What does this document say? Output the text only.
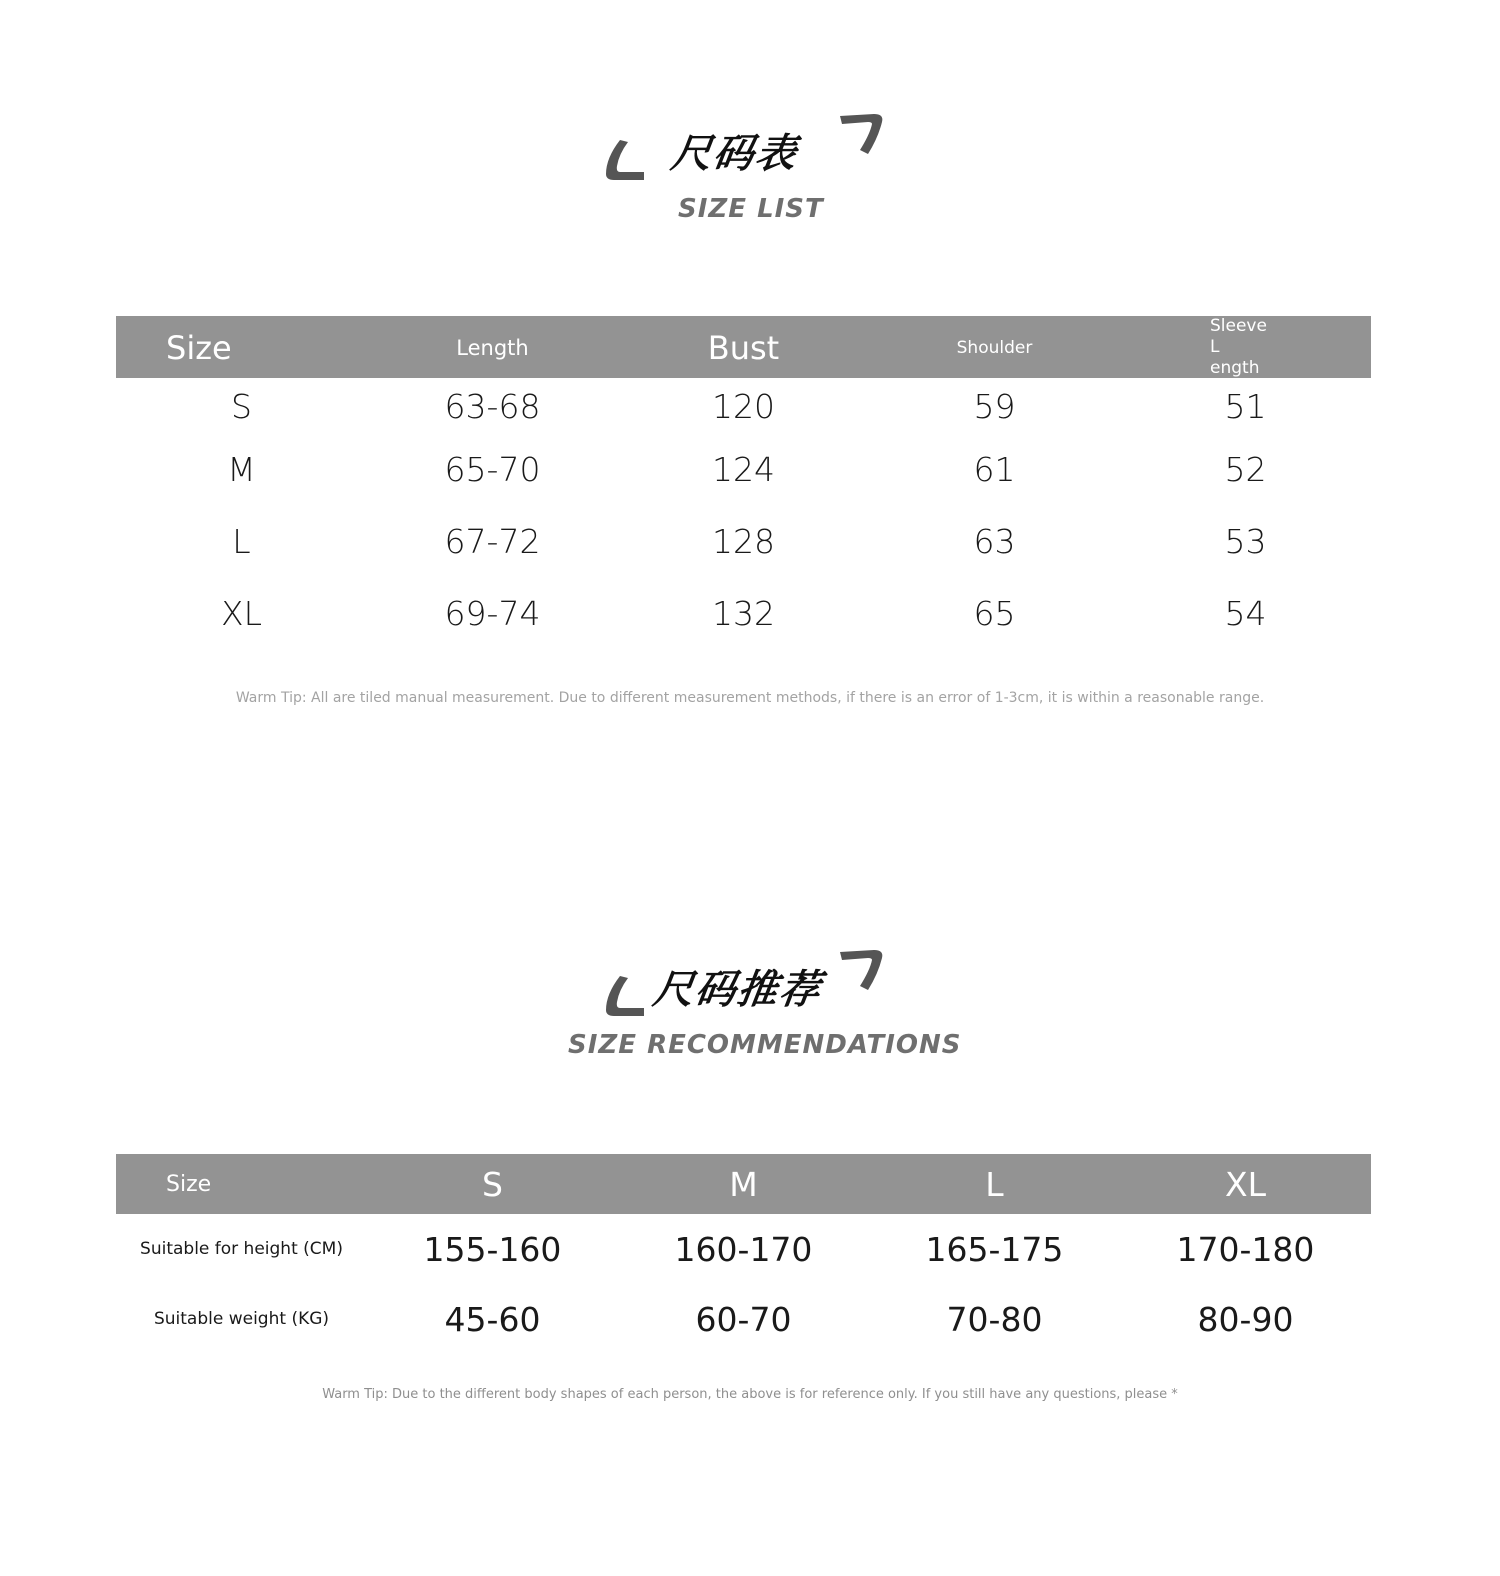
尺码表
SIZE LIST
Size	Length	Bust	Shoulder
Sleeve L
ength
S	63-68	120	59	51
M	65-70	124	61	52
L	67-72	128	63	53
XL	69-74	132	65	54
Warm Tip: All are tiled manual measurement. Due to different measurement methods, if there is an error of 1-3cm, it is within a reasonable range.
尺码推荐
SIZE RECOMMENDATIONS
Size	S	M	L	XL
Suitable for height (CM)	155-160	160-170	165-175	170-180
Suitable weight (KG)	45-60	60-70	70-80	80-90
Warm Tip: Due to the different body shapes of each person, the above is for reference only. If you still have any questions, please *
